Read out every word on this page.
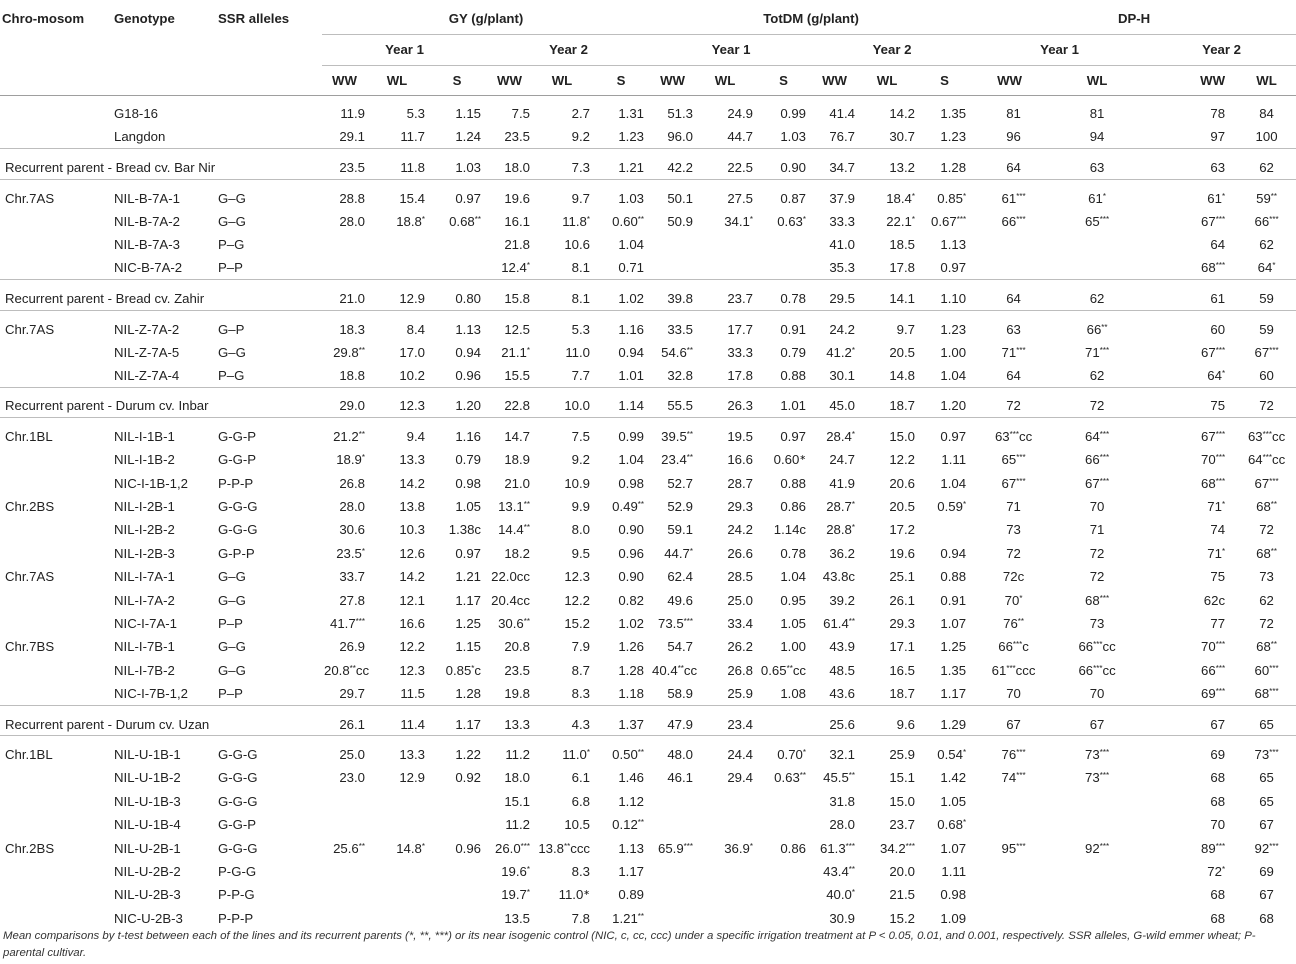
Chro-mosom	Genotype	SSR alleles	GY (g/plant)						TotDM (g/plant)						DP-H			
			Year 1			Year 2			Year 1			Year 2			Year 1		Year 2	
			WW	WL	S	WW	WL	S	WW	WL	S	WW	WL	S	WW	WL	WW	WL
	G18-16		11.9	5.3	1.15	7.5	2.7	1.31	51.3	24.9	0.99	41.4	14.2	1.35	81	81	78	84
	Langdon		29.1	11.7	1.24	23.5	9.2	1.23	96.0	44.7	1.03	76.7	30.7	1.23	96	94	97	100
Recurrent parent - Bread cv. Bar Nir			23.5	11.8	1.03	18.0	7.3	1.21	42.2	22.5	0.90	34.7	13.2	1.28	64	63	63	62
Chr.7AS	NIL-B-7A-1	G–G	28.8	15.4	0.97	19.6	9.7	1.03	50.1	27.5	0.87	37.9	18.4*	0.85*	61***	61*	61*	59**
	NIL-B-7A-2	G–G	28.0	18.8*	0.68**	16.1	11.8*	0.60**	50.9	34.1*	0.63*	33.3	22.1*	0.67***	66***	65***	67***	66***
	NIL-B-7A-3	P–G				21.8	10.6	1.04				41.0	18.5	1.13			64	62
	NIC-B-7A-2	P–P				12.4*	8.1	0.71				35.3	17.8	0.97			68***	64*
Recurrent parent - Bread cv. Zahir			21.0	12.9	0.80	15.8	8.1	1.02	39.8	23.7	0.78	29.5	14.1	1.10	64	62	61	59
Chr.7AS	NIL-Z-7A-2	G–P	18.3	8.4	1.13	12.5	5.3	1.16	33.5	17.7	0.91	24.2	9.7	1.23	63	66**	60	59
	NIL-Z-7A-5	G–G	29.8**	17.0	0.94	21.1*	11.0	0.94	54.6**	33.3	0.79	41.2*	20.5	1.00	71***	71***	67***	67***
	NIL-Z-7A-4	P–G	18.8	10.2	0.96	15.5	7.7	1.01	32.8	17.8	0.88	30.1	14.8	1.04	64	62	64*	60
Recurrent parent - Durum cv. Inbar			29.0	12.3	1.20	22.8	10.0	1.14	55.5	26.3	1.01	45.0	18.7	1.20	72	72	75	72
Chr.1BL	NIL-I-1B-1	G-G-P	21.2**	9.4	1.16	14.7	7.5	0.99	39.5**	19.5	0.97	28.4*	15.0	0.97	63***cc	64***	67***	63***cc
	NIL-I-1B-2	G-G-P	18.9*	13.3	0.79	18.9	9.2	1.04	23.4**	16.6	0.60∗	24.7	12.2	1.11	65***	66***	70***	64***cc
	NIC-I-1B-1,2	P-P-P	26.8	14.2	0.98	21.0	10.9	0.98	52.7	28.7	0.88	41.9	20.6	1.04	67***	67***	68***	67***
Chr.2BS	NIL-I-2B-1	G-G-G	28.0	13.8	1.05	13.1**	9.9	0.49**	52.9	29.3	0.86	28.7*	20.5	0.59*	71	70	71*	68**
	NIL-I-2B-2	G-G-G	30.6	10.3	1.38c	14.4**	8.0	0.90	59.1	24.2	1.14c	28.8*	17.2		73	71	74	72
	NIL-I-2B-3	G-P-P	23.5*	12.6	0.97	18.2	9.5	0.96	44.7*	26.6	0.78	36.2	19.6	0.94	72	72	71*	68**
Chr.7AS	NIL-I-7A-1	G–G	33.7	14.2	1.21	22.0cc	12.3	0.90	62.4	28.5	1.04	43.8c	25.1	0.88	72c	72	75	73
	NIL-I-7A-2	G–G	27.8	12.1	1.17	20.4cc	12.2	0.82	49.6	25.0	0.95	39.2	26.1	0.91	70*	68***	62c	62
	NIC-I-7A-1	P–P	41.7***	16.6	1.25	30.6**	15.2	1.02	73.5***	33.4	1.05	61.4**	29.3	1.07	76**	73	77	72
Chr.7BS	NIL-I-7B-1	G–G	26.9	12.2	1.15	20.8	7.9	1.26	54.7	26.2	1.00	43.9	17.1	1.25	66***c	66***cc	70***	68**
	NIL-I-7B-2	G–G	20.8**cc	12.3	0.85*c	23.5	8.7	1.28	40.4**cc	26.8	0.65**cc	48.5	16.5	1.35	61***ccc	66***cc	66***	60***
	NIC-I-7B-1,2	P–P	29.7	11.5	1.28	19.8	8.3	1.18	58.9	25.9	1.08	43.6	18.7	1.17	70	70	69***	68***
Recurrent parent - Durum cv. Uzan			26.1	11.4	1.17	13.3	4.3	1.37	47.9	23.4		25.6	9.6	1.29	67	67	67	65
Chr.1BL	NIL-U-1B-1	G-G-G	25.0	13.3	1.22	11.2	11.0*	0.50**	48.0	24.4	0.70*	32.1	25.9	0.54*	76***	73***	69	73***
	NIL-U-1B-2	G-G-G	23.0	12.9	0.92	18.0	6.1	1.46	46.1	29.4	0.63**	45.5**	15.1	1.42	74***	73***	68	65
	NIL-U-1B-3	G-G-G				15.1	6.8	1.12				31.8	15.0	1.05			68	65
	NIL-U-1B-4	G-G-P				11.2	10.5	0.12**				28.0	23.7	0.68*			70	67
Chr.2BS	NIL-U-2B-1	G-G-G	25.6**	14.8*	0.96	26.0***	13.8**ccc	1.13	65.9***	36.9*	0.86	61.3***	34.2***	1.07	95***	92***	89***	92***
	NIL-U-2B-2	P-G-G				19.6*	8.3	1.17				43.4**	20.0	1.11			72*	69
	NIL-U-2B-3	P-P-G				19.7*	11.0∗	0.89				40.0*	21.5	0.98			68	67
	NIC-U-2B-3	P-P-P				13.5	7.8	1.21**				30.9	15.2	1.09			68	68
Mean comparisons by t-test between each of the lines and its recurrent parents (*, **, ***) or its near isogenic control (NIC, c, cc, ccc) under a specific irrigation treatment at P < 0.05, 0.01, and 0.001, respectively. SSR alleles, G-wild emmer wheat; P-parental cultivar.
